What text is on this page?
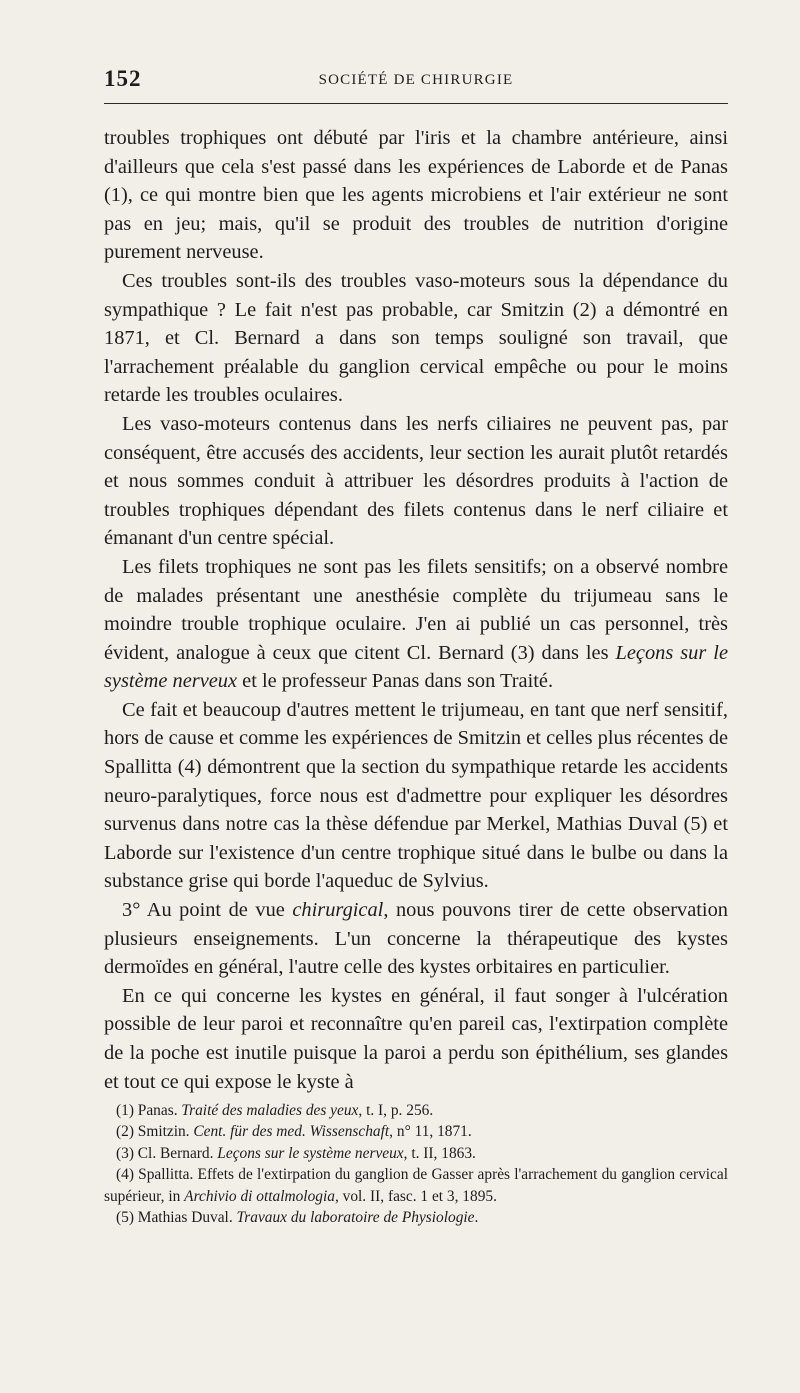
152	SOCIÉTÉ DE CHIRURGIE

troubles trophiques ont débuté par l'iris et la chambre antérieure, ainsi d'ailleurs que cela s'est passé dans les expériences de Laborde et de Panas (1), ce qui montre bien que les agents microbiens et l'air extérieur ne sont pas en jeu; mais, qu'il se produit des troubles de nutrition d'origine purement nerveuse.

Ces troubles sont-ils des troubles vaso-moteurs sous la dépendance du sympathique ? Le fait n'est pas probable, car Smitzin (2) a démontré en 1871, et Cl. Bernard a dans son temps souligné son travail, que l'arrachement préalable du ganglion cervical empêche ou pour le moins retarde les troubles oculaires.

Les vaso-moteurs contenus dans les nerfs ciliaires ne peuvent pas, par conséquent, être accusés des accidents, leur section les aurait plutôt retardés et nous sommes conduit à attribuer les désordres produits à l'action de troubles trophiques dépendant des filets contenus dans le nerf ciliaire et émanant d'un centre spécial.

Les filets trophiques ne sont pas les filets sensitifs; on a observé nombre de malades présentant une anesthésie complète du trijumeau sans le moindre trouble trophique oculaire. J'en ai publié un cas personnel, très évident, analogue à ceux que citent Cl. Bernard (3) dans les Leçons sur le système nerveux et le professeur Panas dans son Traité.

Ce fait et beaucoup d'autres mettent le trijumeau, en tant que nerf sensitif, hors de cause et comme les expériences de Smitzin et celles plus récentes de Spallitta (4) démontrent que la section du sympathique retarde les accidents neuro-paralytiques, force nous est d'admettre pour expliquer les désordres survenus dans notre cas la thèse défendue par Merkel, Mathias Duval (5) et Laborde sur l'existence d'un centre trophique situé dans le bulbe ou dans la substance grise qui borde l'aqueduc de Sylvius.

3° Au point de vue chirurgical, nous pouvons tirer de cette observation plusieurs enseignements. L'un concerne la thérapeutique des kystes dermoïdes en général, l'autre celle des kystes orbitaires en particulier.

En ce qui concerne les kystes en général, il faut songer à l'ulcération possible de leur paroi et reconnaître qu'en pareil cas, l'extirpation complète de la poche est inutile puisque la paroi a perdu son épithélium, ses glandes et tout ce qui expose le kyste à

(1) Panas. Traité des maladies des yeux, t. I, p. 256.

(2) Smitzin. Cent. für des med. Wissenschaft, n° 11, 1871.

(3) Cl. Bernard. Leçons sur le système nerveux, t. II, 1863.

(4) Spallitta. Effets de l'extirpation du ganglion de Gasser après l'arrachement du ganglion cervical supérieur, in Archivio di ottalmologia, vol. II, fasc. 1 et 3, 1895.

(5) Mathias Duval. Travaux du laboratoire de Physiologie.
